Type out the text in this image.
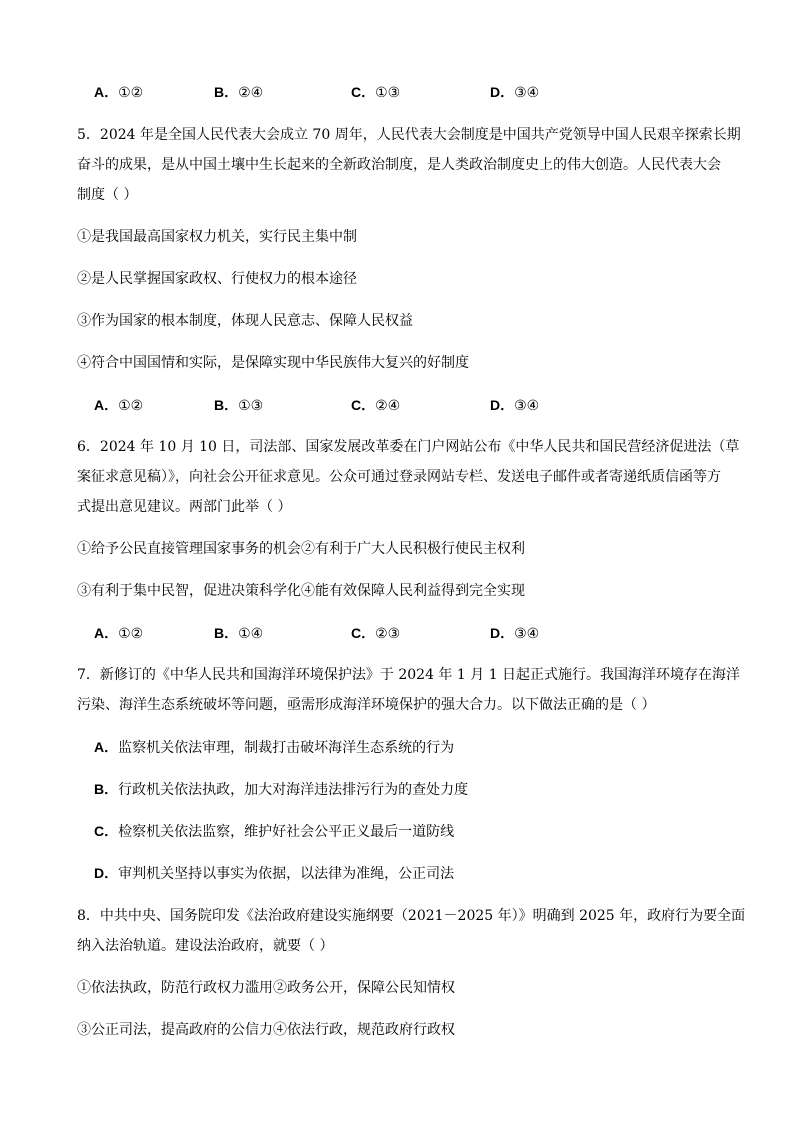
A．①②	B．②④	C．①③	D．③④
5．2024 年是全国人民代表大会成立 70 周年，人民代表大会制度是中国共产党领导中国人民艰辛探索长期
奋斗的成果，是从中国土壤中生长起来的全新政治制度，是人类政治制度史上的伟大创造。人民代表大会
制度（ ）
①是我国最高国家权力机关，实行民主集中制
②是人民掌握国家政权、行使权力的根本途径
③作为国家的根本制度，体现人民意志、保障人民权益
④符合中国国情和实际，是保障实现中华民族伟大复兴的好制度
A．①②	B．①③	C．②④	D．③④
6．2024 年 10 月 10 日，司法部、国家发展改革委在门户网站公布《中华人民共和国民营经济促进法（草
案征求意见稿）》，向社会公开征求意见。公众可通过登录网站专栏、发送电子邮件或者寄递纸质信函等方
式提出意见建议。两部门此举（ ）
①给予公民直接管理国家事务的机会②有利于广大人民积极行使民主权利
③有利于集中民智，促进决策科学化④能有效保障人民利益得到完全实现
A．①②	B．①④	C．②③	D．③④
7．新修订的《中华人民共和国海洋环境保护法》于 2024 年 1 月 1 日起正式施行。我国海洋环境存在海洋
污染、海洋生态系统破坏等问题，亟需形成海洋环境保护的强大合力。以下做法正确的是（ ）
A．监察机关依法审理，制裁打击破坏海洋生态系统的行为
B．行政机关依法执政，加大对海洋违法排污行为的查处力度
C．检察机关依法监察，维护好社会公平正义最后一道防线
D．审判机关坚持以事实为依据，以法律为准绳，公正司法
8．中共中央、国务院印发《法治政府建设实施纲要（2021－2025 年）》明确到 2025 年，政府行为要全面
纳入法治轨道。建设法治政府，就要（ ）
①依法执政，防范行政权力滥用②政务公开，保障公民知情权
③公正司法，提高政府的公信力④依法行政，规范政府行政权
